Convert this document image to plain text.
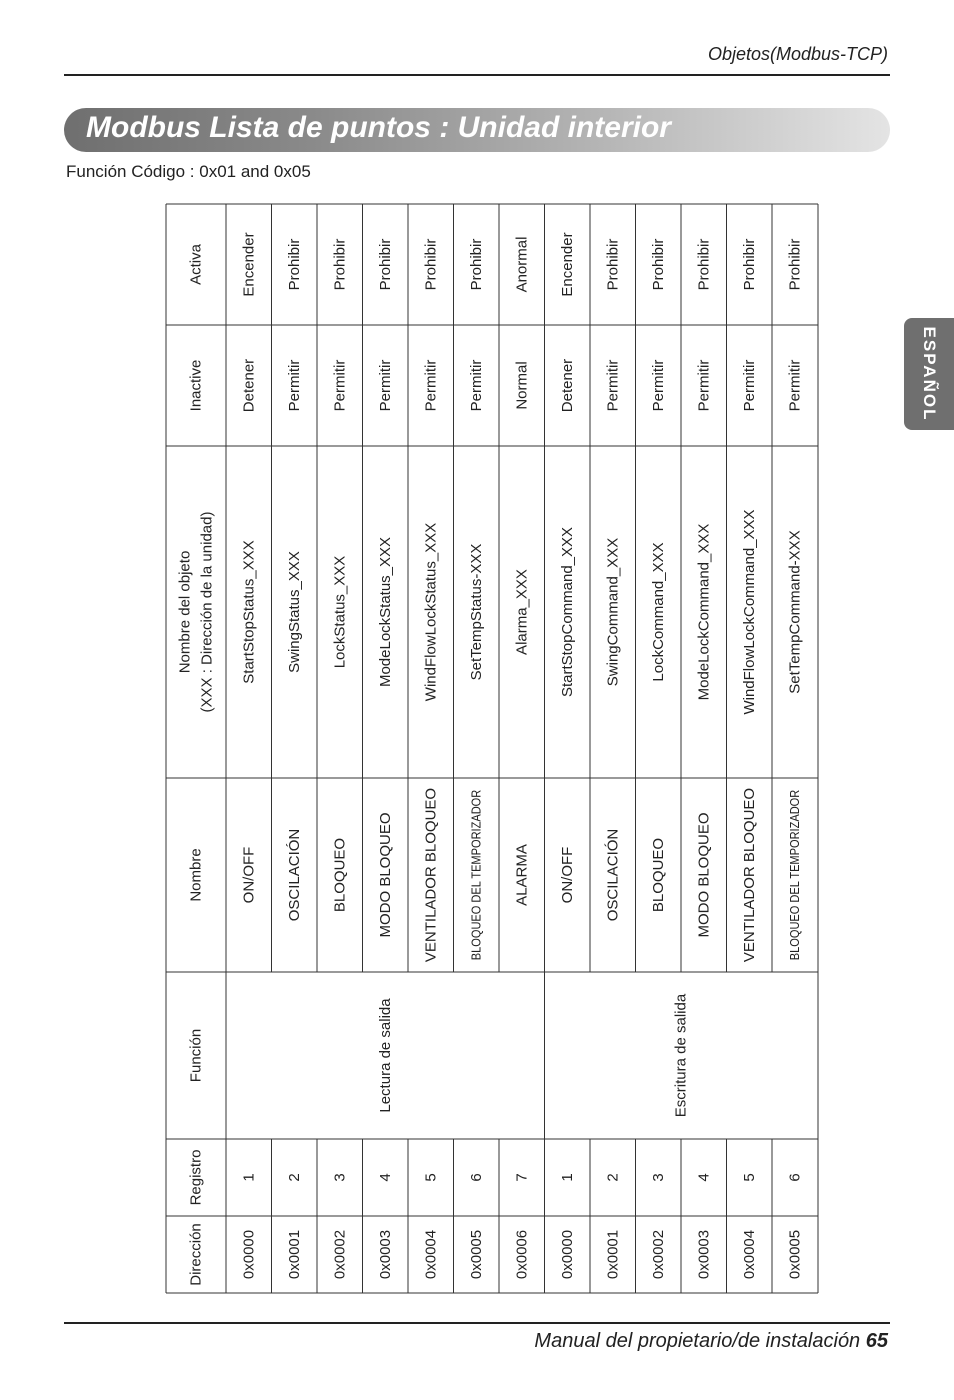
Objetos(Modbus-TCP)
Modbus Lista de puntos : Unidad interior
Función Código : 0x01 and 0x05
ESPAÑOL
Dirección
Registro
Función
Nombre
Nombre del objeto (XXX : Dirección de la unidad)
Inactive
Activa
0x0000
1
ON/OFF
StartStopStatus_XXX
Detener
Encender
0x0001
2
OSCILACIÓN
SwingStatus_XXX
Permitir
Prohibir
0x0002
3
BLOQUEO
LockStatus_XXX
Permitir
Prohibir
0x0003
4
MODO BLOQUEO
ModeLockStatus_XXX
Permitir
Prohibir
0x0004
5
VENTILADOR BLOQUEO
WindFlowLockStatus_XXX
Permitir
Prohibir
0x0005
6
BLOQUEO DEL TEMPORIZADOR
SetTempStatus-XXX
Permitir
Prohibir
0x0006
7
ALARMA
Alarma_XXX
Normal
Anormal
0x0000
1
ON/OFF
StartStopCommand_XXX
Detener
Encender
0x0001
2
OSCILACIÓN
SwingCommand_XXX
Permitir
Prohibir
0x0002
3
BLOQUEO
LockCommand_XXX
Permitir
Prohibir
0x0003
4
MODO BLOQUEO
ModeLockCommand_XXX
Permitir
Prohibir
0x0004
5
VENTILADOR BLOQUEO
WindFlowLockCommand_XXX
Permitir
Prohibir
0x0005
6
BLOQUEO DEL TEMPORIZADOR
SetTempCommand-XXX
Permitir
Prohibir
Lectura de salida	Escritura de salida
Manual del propietario/de instalación 65
